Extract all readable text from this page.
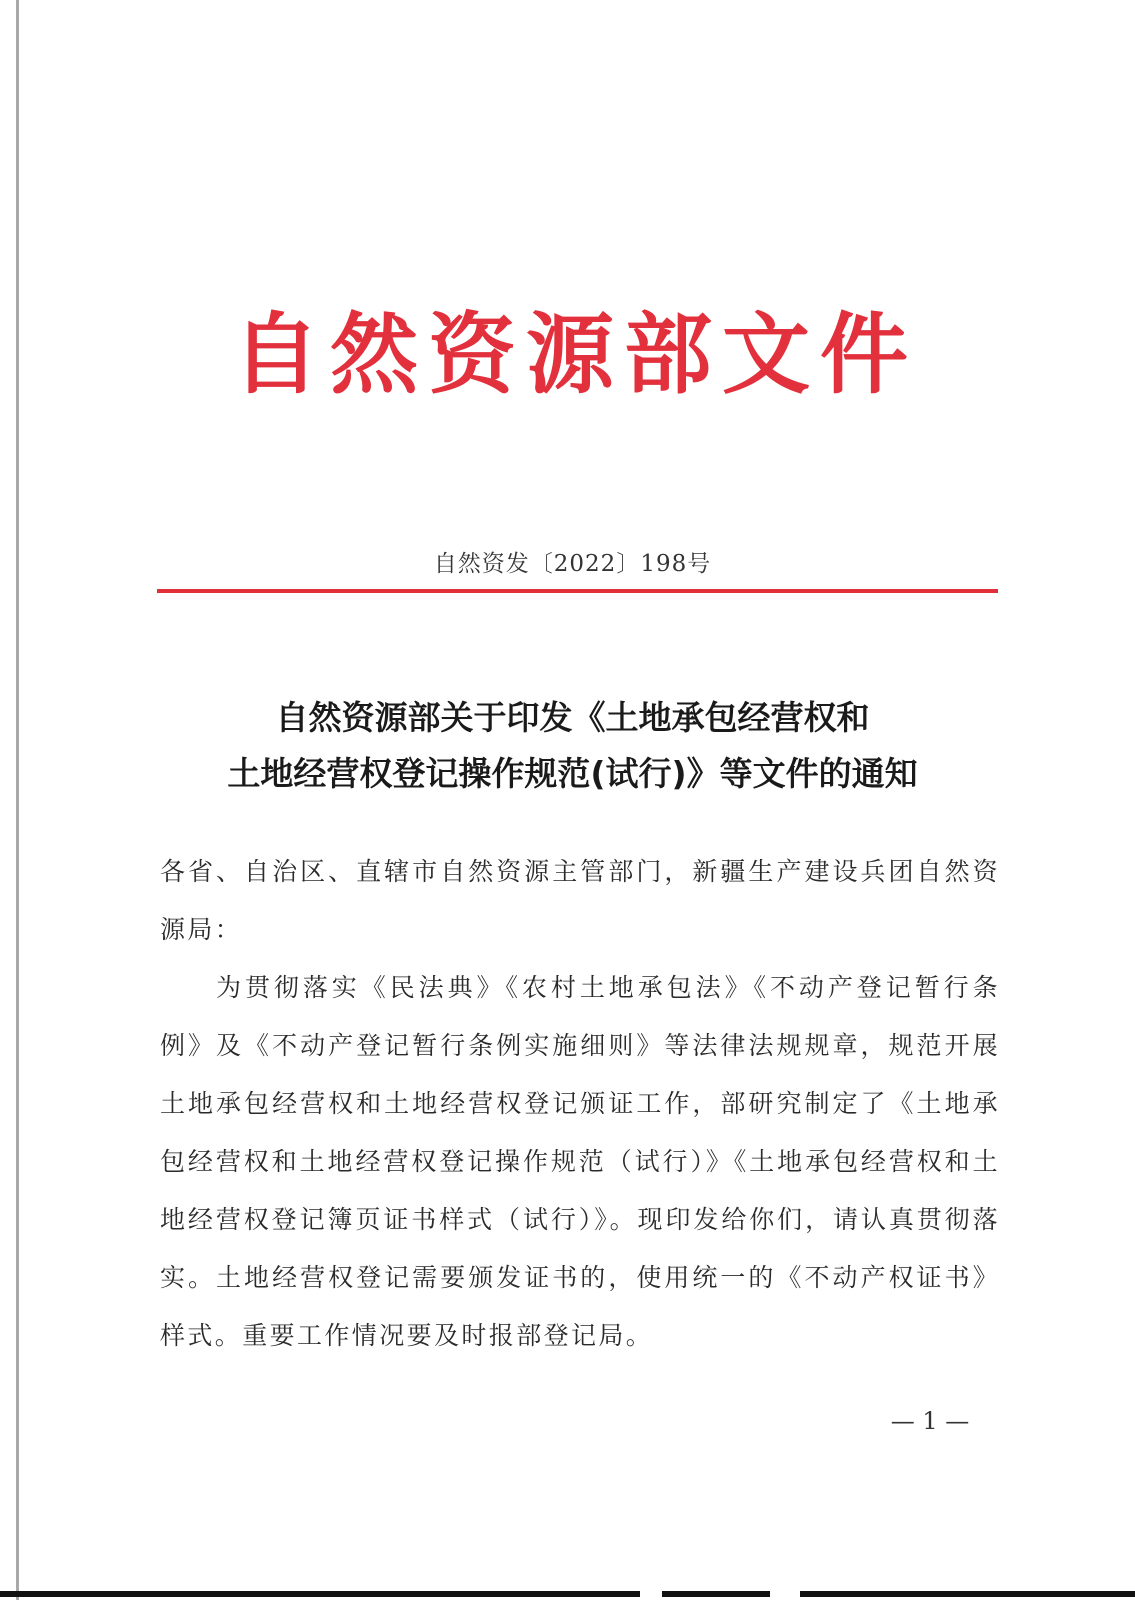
自然资源部文件
自然资发〔2022〕198号
自然资源部关于印发《土地承包经营权和
土地经营权登记操作规范(试行)》等文件的通知

各省、自治区、直辖市自然资源主管部门，新疆生产建设兵团自然资源局：

为贯彻落实《民法典》《农村土地承包法》《不动产登记暂行条例》及《不动产登记暂行条例实施细则》等法律法规规章，规范开展土地承包经营权和土地经营权登记颁证工作，部研究制定了《土地承包经营权和土地经营权登记操作规范（试行）》《土地承包经营权和土地经营权登记簿页证书样式（试行）》。现印发给你们，请认真贯彻落实。土地经营权登记需要颁发证书的，使用统一的《不动产权证书》样式。重要工作情况要及时报部登记局。

— 1 —
